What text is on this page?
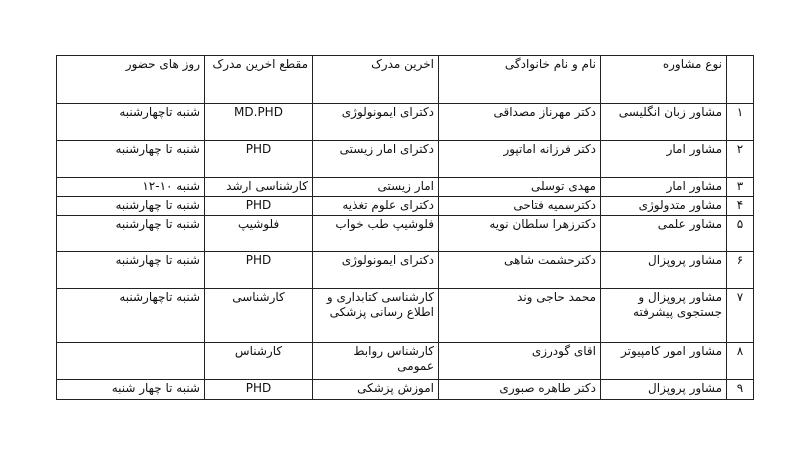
	نوع مشاوره	نام و نام خانوادگی	اخرین مدرک	مقطع اخرین مدرک	روز های حضور
۱	مشاور زبان انگلیسی	دکتر مهرناز مصداقی	دکترای ایمونولوژی	MD.PHD	شنبه تاچهارشنبه
۲	مشاور امار	دکتر فرزانه اماتپور	دکترای امار زیستی	PHD	شنبه تا چهارشنبه
۳	مشاور امار	مهدی توسلی	امار زیستی	کارشناسی ارشد	شنبه ۱۰-۱۲
۴	مشاور متدولوژی	دکترسمیه فتاحی	دکترای علوم تغذیه	PHD	شنبه تا چهارشنبه
۵	مشاور علمی	دکترزهرا سلطان نویه	فلوشیپ طب خواب	فلوشیپ	شنبه تا چهارشنبه
۶	مشاور پروپزال	دکترحشمت شاهی	دکترای ایمونولوژی	PHD	شنبه تا چهارشنبه
۷	مشاور پروپزال و جستجوی پیشرفته	محمد حاجی وند	کارشناسی کتابداری و اطلاع رسانی پزشکی	کارشناسی	شنبه تاچهارشنبه
۸	مشاور امور کامپیوتر	اقای گودرزی	کارشناس روابط عمومی	کارشناس	
۹	مشاور پروپزال	دکتر طاهره صبوری	اموزش پزشکی	PHD	شنبه تا چهار شنبه
